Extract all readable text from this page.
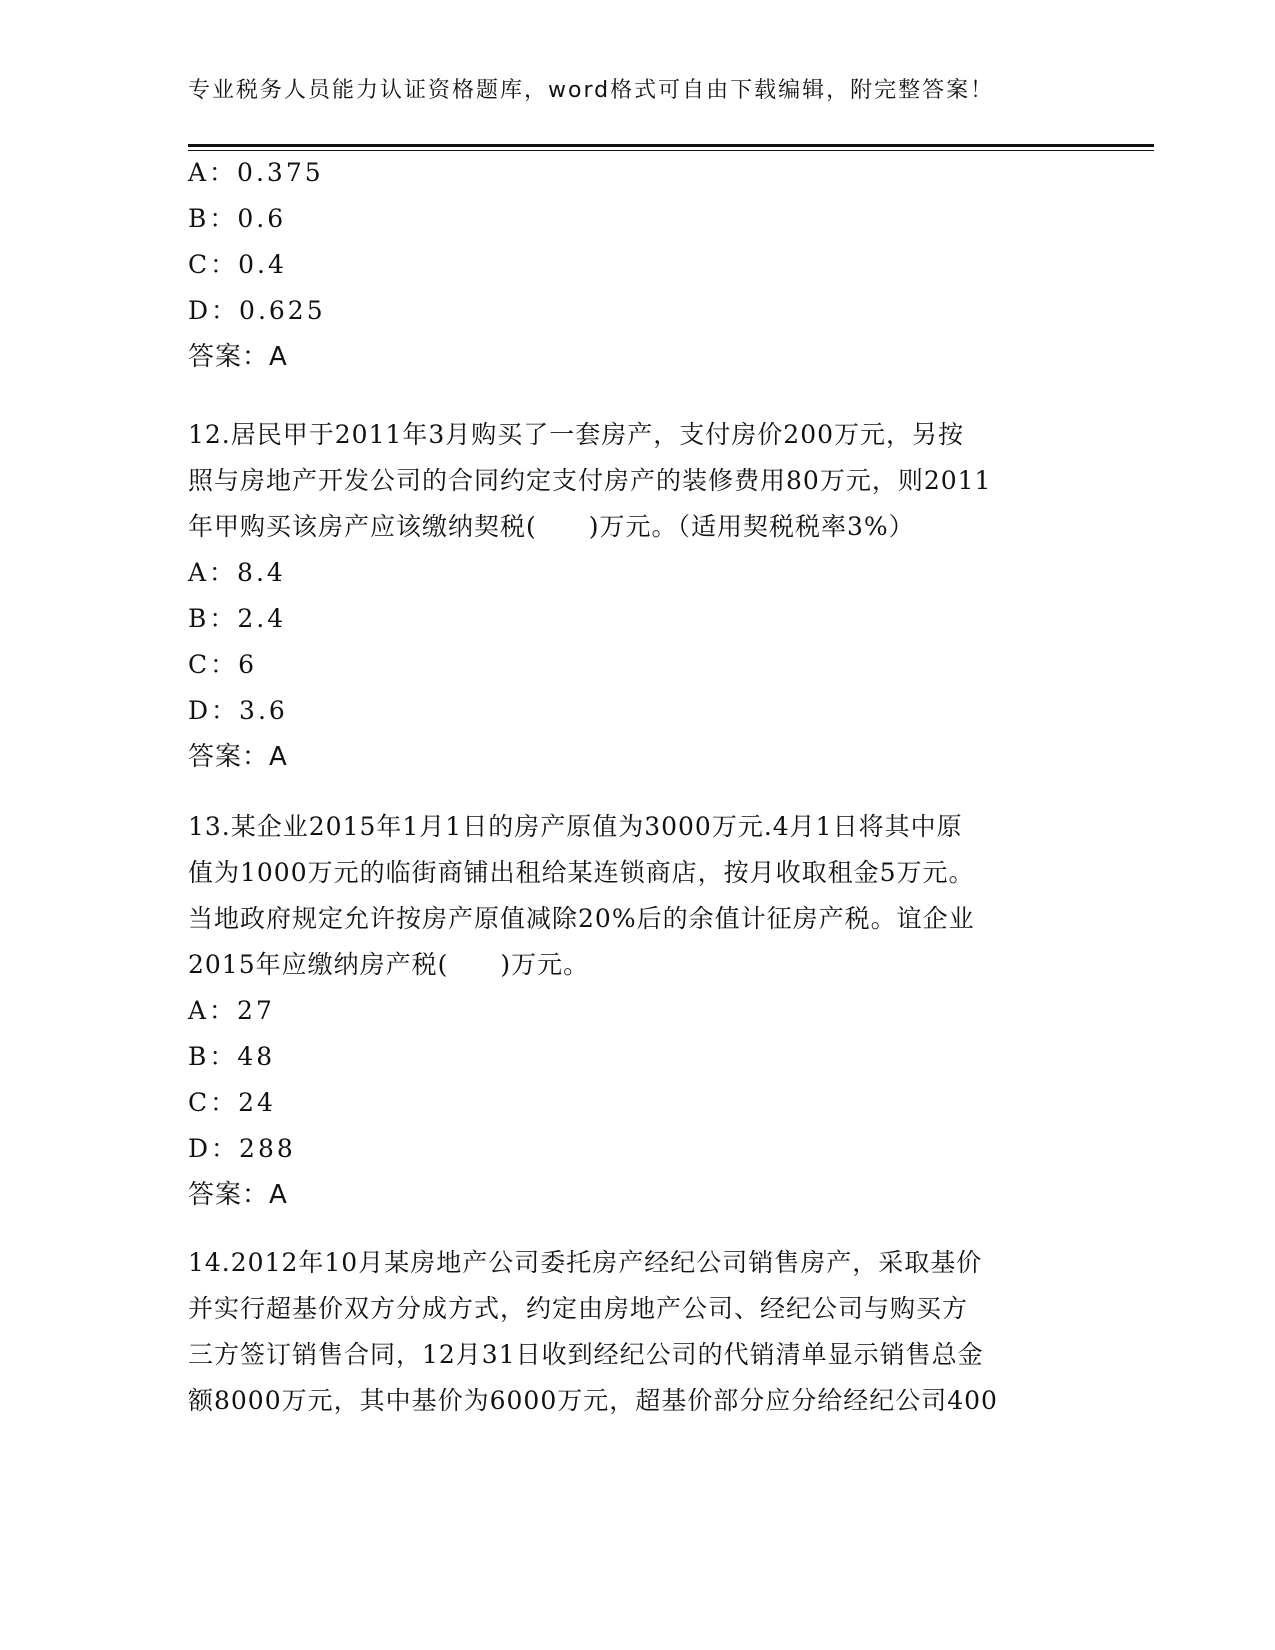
专业税务人员能力认证资格题库，word格式可自由下载编辑，附完整答案！
A：0.375
B：0.6
C：0.4
D：0.625
答案：A
12.居民甲于2011年3月购买了一套房产，支付房价200万元，另按
照与房地产开发公司的合同约定支付房产的装修费用80万元，则2011
年甲购买该房产应该缴纳契税(　　)万元。（适用契税税率3%）
A：8.4
B：2.4
C：6
D：3.6
答案：A
13.某企业2015年1月1日的房产原值为3000万元.4月1日将其中原
值为1000万元的临街商铺出租给某连锁商店，按月收取租金5万元。
当地政府规定允许按房产原值减除20%后的余值计征房产税。谊企业
2015年应缴纳房产税(　　)万元。
A：27
B：48
C：24
D：288
答案：A
14.2012年10月某房地产公司委托房产经纪公司销售房产，采取基价
并实行超基价双方分成方式，约定由房地产公司、经纪公司与购买方
三方签订销售合同，12月31日收到经纪公司的代销清单显示销售总金
额8000万元，其中基价为6000万元，超基价部分应分给经纪公司400
